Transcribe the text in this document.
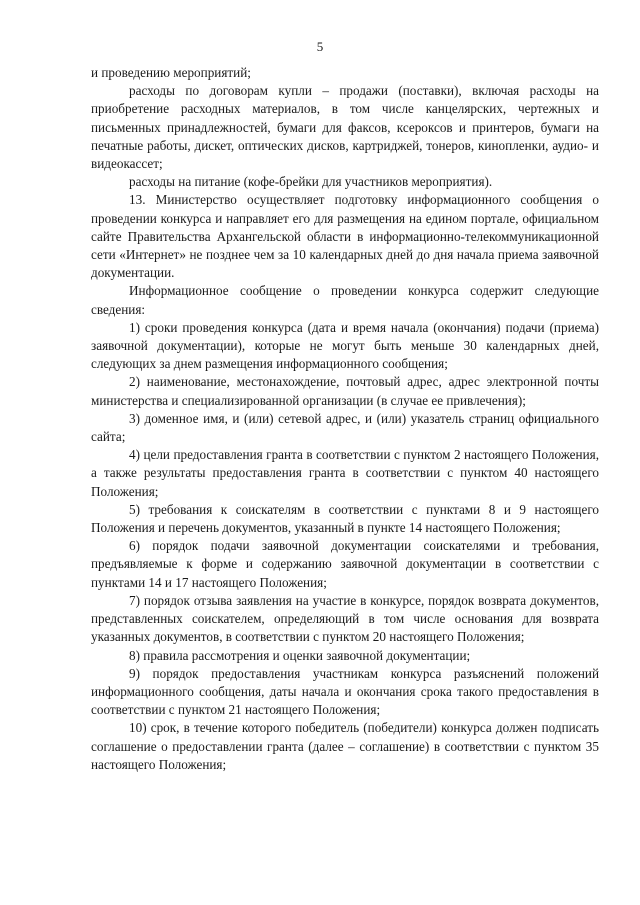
5

и проведению мероприятий;

расходы по договорам купли – продажи (поставки), включая расходы на приобретение расходных материалов, в том числе канцелярских, чертежных и письменных принадлежностей, бумаги для факсов, ксероксов и принтеров, бумаги на печатные работы, дискет, оптических дисков, картриджей, тонеров, кинопленки, аудио- и видеокассет;

расходы на питание (кофе-брейки для участников мероприятия).

13. Министерство осуществляет подготовку информационного сообщения о проведении конкурса и направляет его для размещения на едином портале, официальном сайте Правительства Архангельской области в информационно-телекоммуникационной сети «Интернет» не позднее чем за 10 календарных дней до дня начала приема заявочной документации.

Информационное сообщение о проведении конкурса содержит следующие сведения:

1) сроки проведения конкурса (дата и время начала (окончания) подачи (приема) заявочной документации), которые не могут быть меньше 30 календарных дней, следующих за днем размещения информационного сообщения;

2) наименование, местонахождение, почтовый адрес, адрес электронной почты министерства и специализированной организации (в случае ее привлечения);

3) доменное имя, и (или) сетевой адрес, и (или) указатель страниц официального сайта;

4) цели предоставления гранта в соответствии с пунктом 2 настоящего Положения, а также результаты предоставления гранта в соответствии с пунктом 40 настоящего Положения;

5) требования к соискателям в соответствии с пунктами 8 и 9 настоящего Положения и перечень документов, указанный в пункте 14 настоящего Положения;

6) порядок подачи заявочной документации соискателями и требования, предъявляемые к форме и содержанию заявочной документации в соответствии с пунктами 14 и 17 настоящего Положения;

7) порядок отзыва заявления на участие в конкурсе, порядок возврата документов, представленных соискателем, определяющий в том числе основания для возврата указанных документов, в соответствии с пунктом 20 настоящего Положения;

8) правила рассмотрения и оценки заявочной документации;

9) порядок предоставления участникам конкурса разъяснений положений информационного сообщения, даты начала и окончания срока такого предоставления в соответствии с пунктом 21 настоящего Положения;

10) срок, в течение которого победитель (победители) конкурса должен подписать соглашение о предоставлении гранта (далее – соглашение) в соответствии с пунктом 35 настоящего Положения;
